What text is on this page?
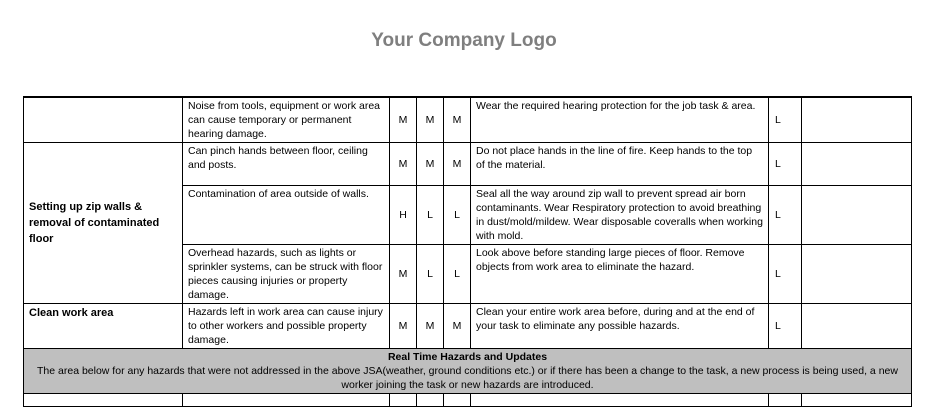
Your Company Logo
	Noise from tools, equipment or work area can cause temporary or permanent hearing damage.	M	M	M	Wear the required hearing protection for the job task & area.	L	
Setting up zip walls & removal of contaminated floor	Can pinch hands between floor, ceiling and posts.	M	M	M	Do not place hands in the line of fire. Keep hands to the top of the material.	L	
	Contamination of area outside of walls.	H	L	L	Seal all the way around zip wall to prevent spread air born contaminants. Wear Respiratory protection to avoid breathing in dust/mold/mildew. Wear disposable coveralls when working with mold.	L	
	Overhead hazards, such as lights or sprinkler systems, can be struck with floor pieces causing injuries or property damage.	M	L	L	Look above before standing large pieces of floor. Remove objects from work area to eliminate the hazard.	L	
Clean work area	Hazards left in work area can cause injury to other workers and possible property damage.	M	M	M	Clean your entire work area before, during and at the end of your task to eliminate any possible hazards.	L	

Real Time Hazards and Updates
The area below for any hazards that were not addressed in the above JSA(weather, ground conditions etc.) or if there has been a change to the task, a new process is being used, a new worker joining the task or new hazards are introduced.							
